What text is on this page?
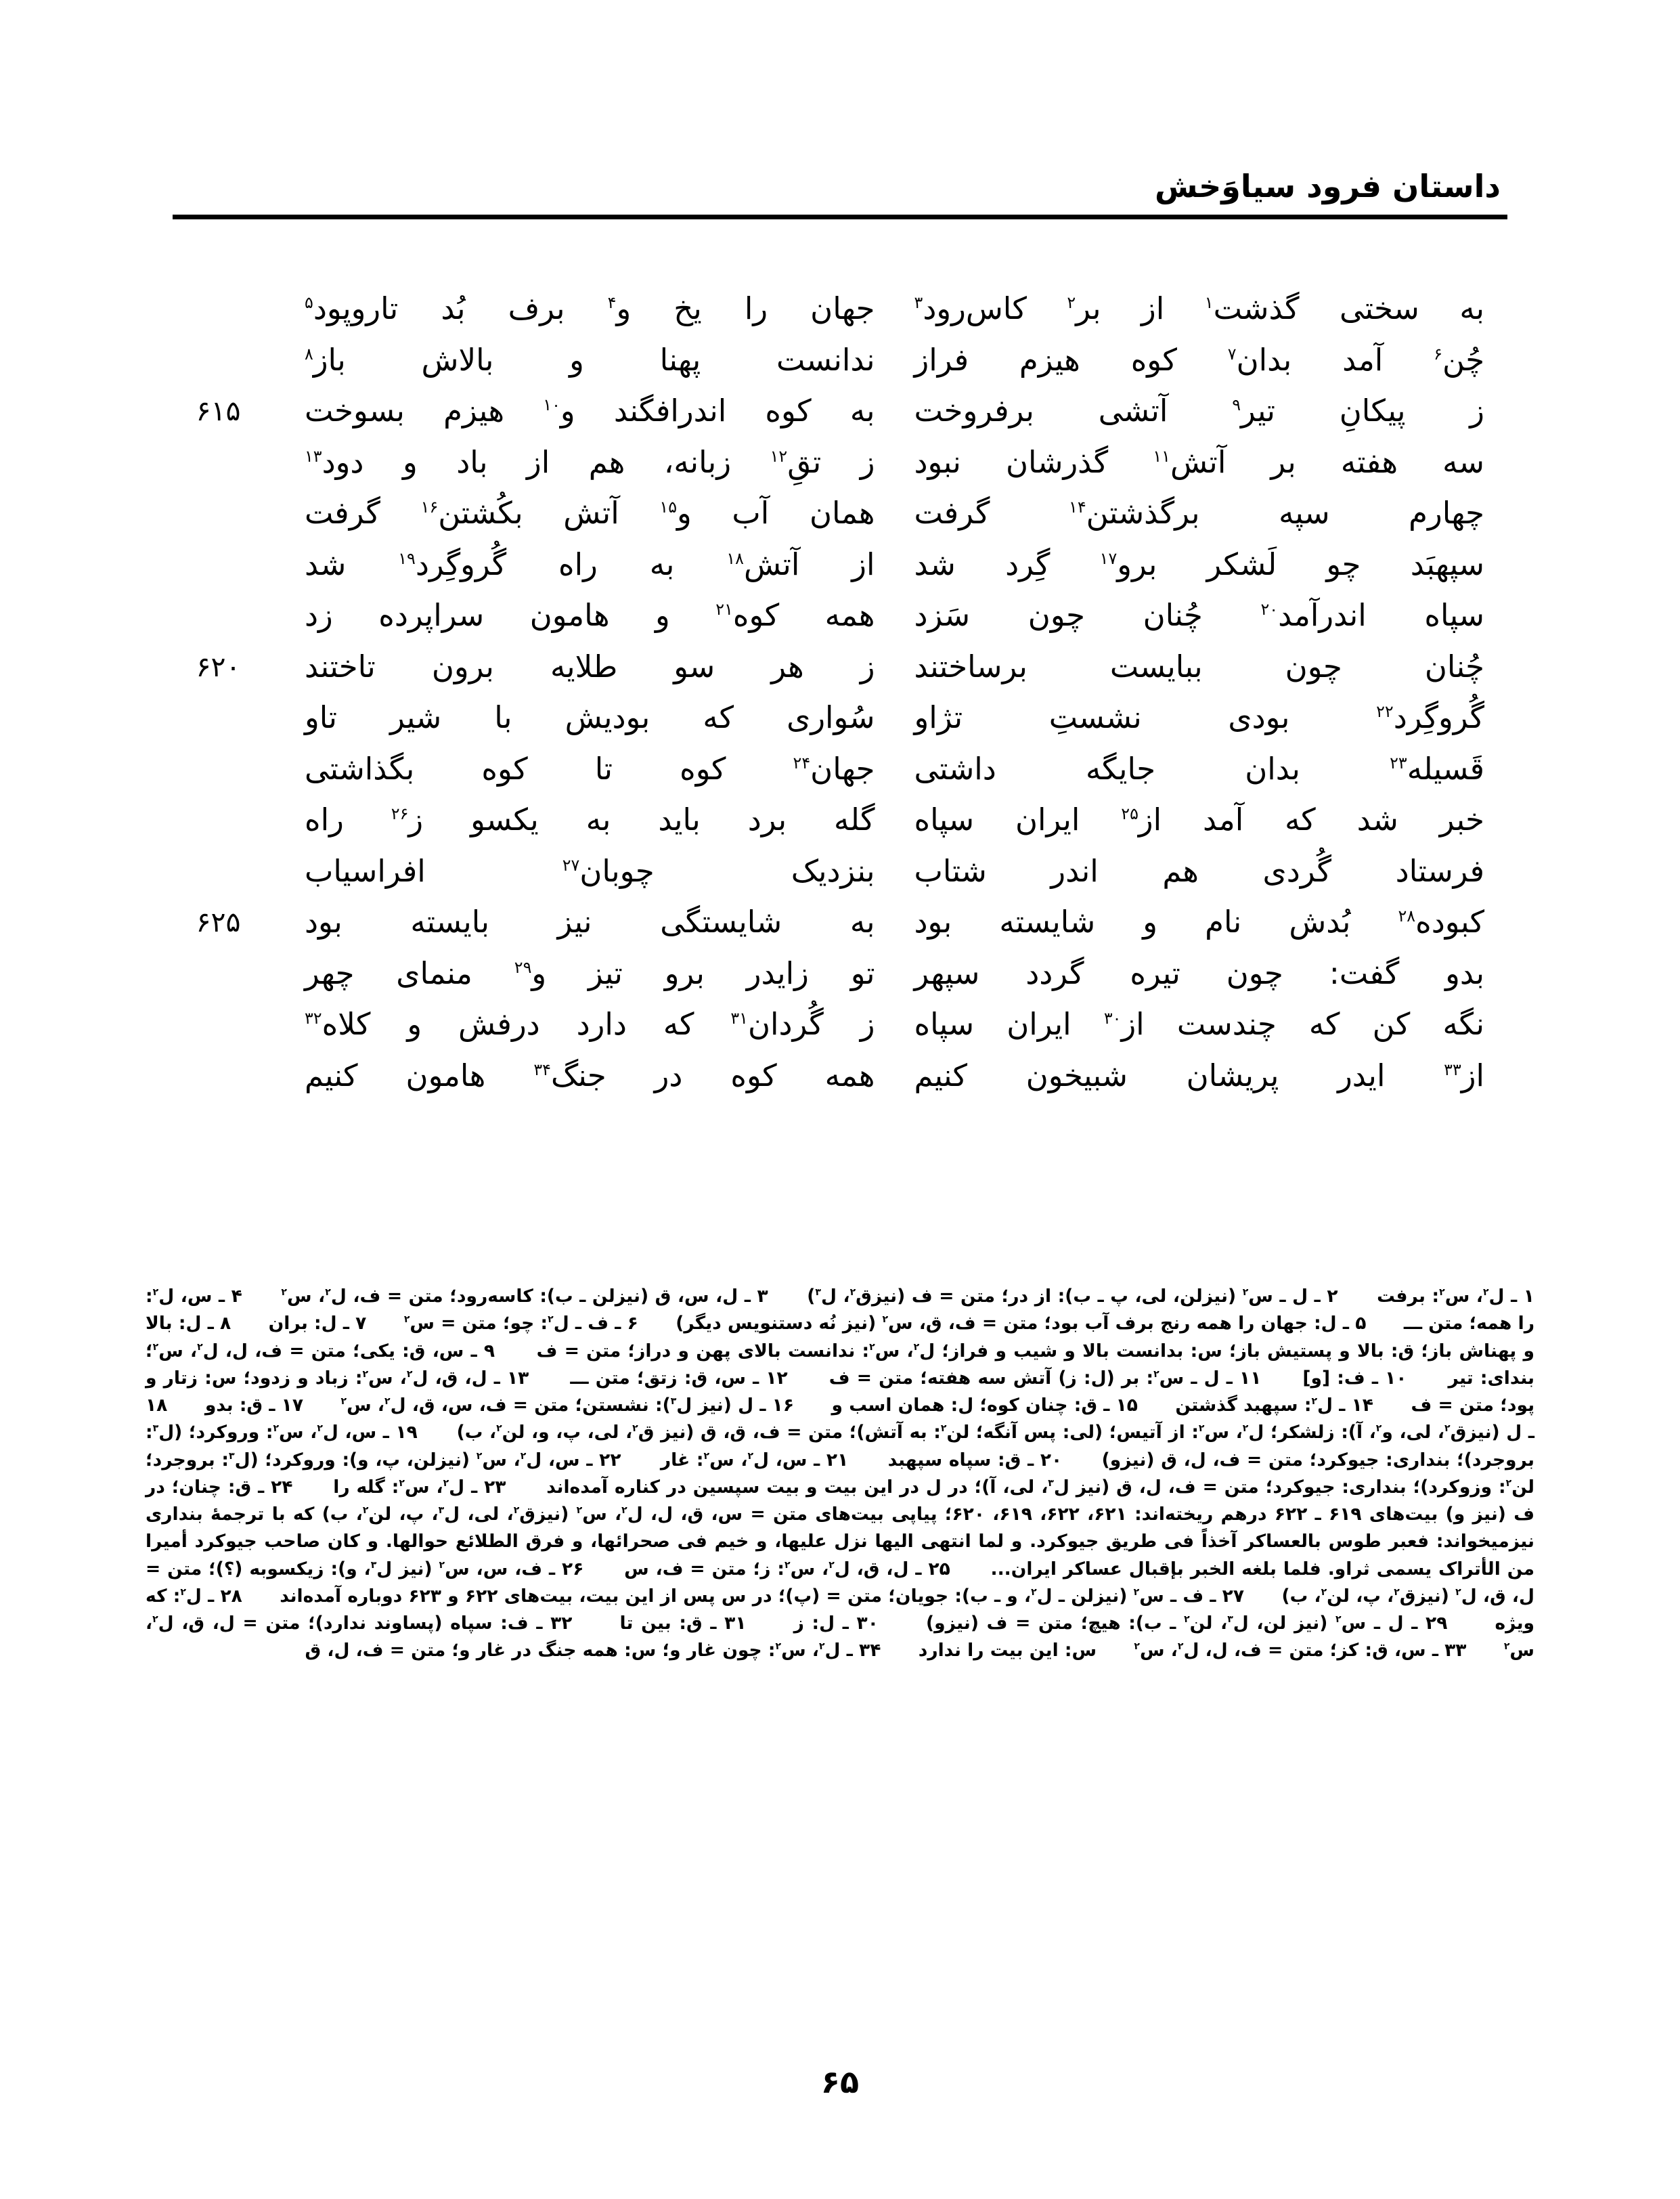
داستان فرود سیاوَخش
به سختی گذشت$^۱$ از بر$^۲$ کاس‌رود$^۳$
جهان را یخ و$^۴$ برف بُد تاروپود$^۵$
چُن$^۶$ آمد بدان$^۷$ کوه هیزم فراز
ندانست پهنا و بالاش باز$^۸$
ز پیکانِ تیر$^۹$ آتشی برفروخت
به کوه اندرافگند و$^{۱۰}$ هیزم بسوخت
۶۱۵
سه هفته بر آتش$^{۱۱}$ گذرشان نبود
ز تقِ$^{۱۲}$ زبانه، هم از باد و دود$^{۱۳}$
چهارم سپه برگذشتن$^{۱۴}$ گرفت
همان آب و$^{۱۵}$ آتش بکُشتن$^{۱۶}$ گرفت
سپهبَد چو لَشکر برو$^{۱۷}$ گِرد شد
از آتش$^{۱۸}$ به راه گُروگِرد$^{۱۹}$ شد
سپاه اندرآمد$^{۲۰}$ چُنان چون سَزد
همه کوه$^{۲۱}$ و هامون سراپرده زد
چُنان چون ببایست برساختند
ز هر سو طلایه برون تاختند
۶۲۰
گُروگِرد$^{۲۲}$ بودی نشستِ تژاو
سُواری که بودیش با شیر تاو
قَسیله$^{۲۳}$ بدان جایگه داشتی
جهان$^{۲۴}$ کوه تا کوه بگذاشتی
خبر شد که آمد از$^{۲۵}$ ایران سپاه
گله برد باید به یکسو ز$^{۲۶}$ راه
فرستاد گُردی هم اندر شتاب
بنزدیک چوبان$^{۲۷}$ افراسیاب
کبوده$^{۲۸}$ بُدش نام و شایسته بود
به شایستگی نیز بایسته بود
۶۲۵
بدو گفت: چون تیره گردد سپهر
تو زایدر برو تیز و$^{۲۹}$ منمای چهر
نگه کن که چندست از$^{۳۰}$ ایران سپاه
ز گُردان$^{۳۱}$ که دارد درفش و کلاه$^{۳۲}$
از$^{۳۳}$ ایدر پریشان شبیخون کنیم
همه کوه در جنگ$^{۳۴}$ هامون کنیم

۱ ـ ل$^۲$، س$^۲$: برفت      ۲ ـ ل ـ س$^۲$ (نیزلن، لی، پ ـ ب): از در؛ متن = ف (نیزق$^۲$، ل$^۳$)      ۳ ـ ل، س، ق (نیزلن ـ ب): کاسه‌رود؛ متن = ف، ل$^۲$، س$^۲$      ۴ ـ س، ل$^۲$: را همه؛ متن ـــ      ۵ ـ ل: جهان را همه رنج برف آب بود؛ متن = ف، ق، س$^۲$ (نیز نُه دستنویس دیگر)      ۶ ـ ف ـ ل$^۲$: چو؛ متن = س$^۲$      ۷ ـ ل: بران      ۸ ـ ل: بالا و پهناش باز؛ ق: بالا و پستیش باز؛ س: بدانست بالا و شیب و فراز؛ ل$^۲$، س$^۲$: ندانست بالای پهن و دراز؛ متن = ف      ۹ ـ س، ق: یکی؛ متن = ف، ل، ل$^۲$، س$^۲$؛ بندای: تیر      ۱۰ ـ ف: [و]      ۱۱ ـ ل ـ س$^۲$: بر (ل: ز) آتش سه هفته؛ متن = ف      ۱۲ ـ س، ق: زتق؛ متن ـــ      ۱۳ ـ ل، ق، ل$^۲$، س$^۲$: زباد و زدود؛ س: زتار و پود؛ متن = ف      ۱۴ ـ ل$^۲$: سپهبد گذشتن      ۱۵ ـ ق: چنان کوه؛ ل: همان اسب و      ۱۶ ـ ل (نیز ل$^۳$): نشستن؛ متن = ف، س، ق، ل$^۲$، س$^۲$      ۱۷ ـ ق: بدو      ۱۸ ـ ل (نیزق$^۲$، لی، و$^۲$، آ): زلشکر؛ ل$^۲$، س$^۲$: از آتیس؛ (لی: پس آنگه؛ لن$^۲$: به آتش)؛ متن = ف، ق، ق (نیز ق$^۲$، لی، پ، و، لن$^۲$، ب)      ۱۹ ـ س، ل$^۲$، س$^۲$: وروکرد؛ (ل$^۳$: بروجرد)؛ بنداری: جیوکرد؛ متن = ف، ل، ق (نیزو)      ۲۰ ـ ق: سپاه سپهبد      ۲۱ ـ س، ل$^۲$، س$^۲$: غار      ۲۲ ـ س، ل$^۲$، س$^۲$ (نیزلن، پ، و): وروکرد؛ (ل$^۳$: بروجرد؛ لن$^۲$: وزوکرد)؛ بنداری: جیوکرد؛ متن = ف، ل، ق (نیز ل$^۳$، لی، آ)؛ در ل در این بیت و بیت سپسین در کناره آمده‌اند      ۲۳ ـ ل$^۲$، س$^۲$: گله را      ۲۴ ـ ق: چنان؛ در ف (نیز و) بیت‌های ۶۱۹ ـ ۶۲۲ درهم ریخته‌اند: ۶۲۱، ۶۲۲، ۶۱۹، ۶۲۰؛ پیاپی بیت‌های متن = س، ق، ل، ل$^۲$، س$^۲$ (نیزق$^۲$، لی، ل$^۳$، پ، لن$^۲$، ب) که با ترجمهٔ بنداری نیزمیخواند: فعبر طوس بالعساکر آخذاً فی طریق جیوکرد. و لما انتهی الیها نزل علیها، و خیم فی صحرائها، و فرق الطلائع حوالها. و کان صاحب جیوکرد أمیرا من الأتراک یسمی ثراو. فلما بلغه الخبر بإقبال عساکر ایران...      ۲۵ ـ ل، ق، ل$^۲$، س$^۲$: ز؛ متن = ف، س      ۲۶ ـ ف، س، س$^۲$ (نیز ل$^۳$، و): زیکسوبه (؟)؛ متن = ل، ق، ل$^۲$ (نیزق$^۲$، پ، لن$^۲$، ب)      ۲۷ ـ ف ـ س$^۲$ (نیزلن ـ ل$^۲$، و ـ ب): جویان؛ متن = (پ)؛ در س پس از این بیت، بیت‌های ۶۲۲ و ۶۲۳ دوباره آمده‌اند      ۲۸ ـ ل$^۲$: که ویژه      ۲۹ ـ ل ـ س$^۲$ (نیز لن، ل$^۳$، لن$^۲$ ـ ب): هیچ؛ متن = ف (نیزو)      ۳۰ ـ ل: ز      ۳۱ ـ ق: بین تا      ۳۲ ـ ف: سپاه (پساوند ندارد)؛ متن = ل، ق، ل$^۲$، س$^۲$      ۳۳ ـ س، ق: کز؛ متن = ف، ل، ل$^۲$، س$^۲$      س: این بیت را ندارد      ۳۴ ـ ل$^۲$، س$^۲$: چون غار و؛ س: همه جنگ در غار و؛ متن = ف، ل، ق

۶۵
